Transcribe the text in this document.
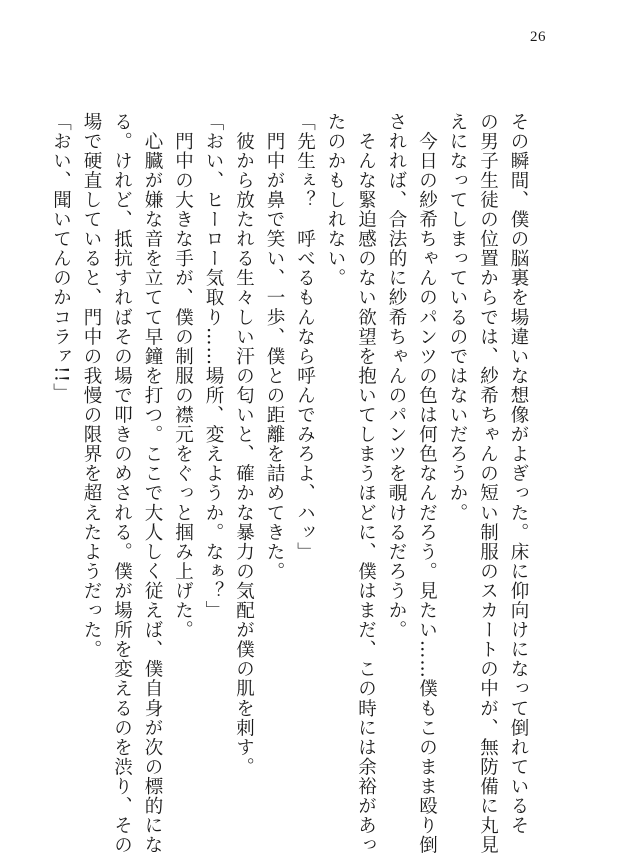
26

その瞬間、僕の脳裏を場違いな想像がよぎった。床に仰向けになって倒れているそ

の男子生徒の位置からでは、紗希ちゃんの短い制服のスカートの中が、無防備に丸見

えになってしまっているのではないだろうか。

　今日の紗希ちゃんのパンツの色は何色なんだろう。見たい……僕もこのまま殴り倒

されれば、合法的に紗希ちゃんのパンツを覗けるだろうか。

　そんな緊迫感のない欲望を抱いてしまうほどに、僕はまだ、この時には余裕があっ

たのかもしれない。

「先生ぇ？　呼べるもんなら呼んでみろよ、ハッ」

　門中が鼻で笑い、一歩、僕との距離を詰めてきた。

　彼から放たれる生々しい汗の匂いと、確かな暴力の気配が僕の肌を刺す。

「おい、ヒーロー気取り……場所、変えようか。なぁ？」

　門中の大きな手が、僕の制服の襟元をぐっと掴み上げた。

　心臓が嫌な音を立てて早鐘を打つ。ここで大人しく従えば、僕自身が次の標的にな

る。けれど、抵抗すればその場で叩きのめされる。僕が場所を変えるのを渋り、その

場で硬直していると、門中の我慢の限界を超えたようだった。

「おい、聞いてんのかコラァ!!」
